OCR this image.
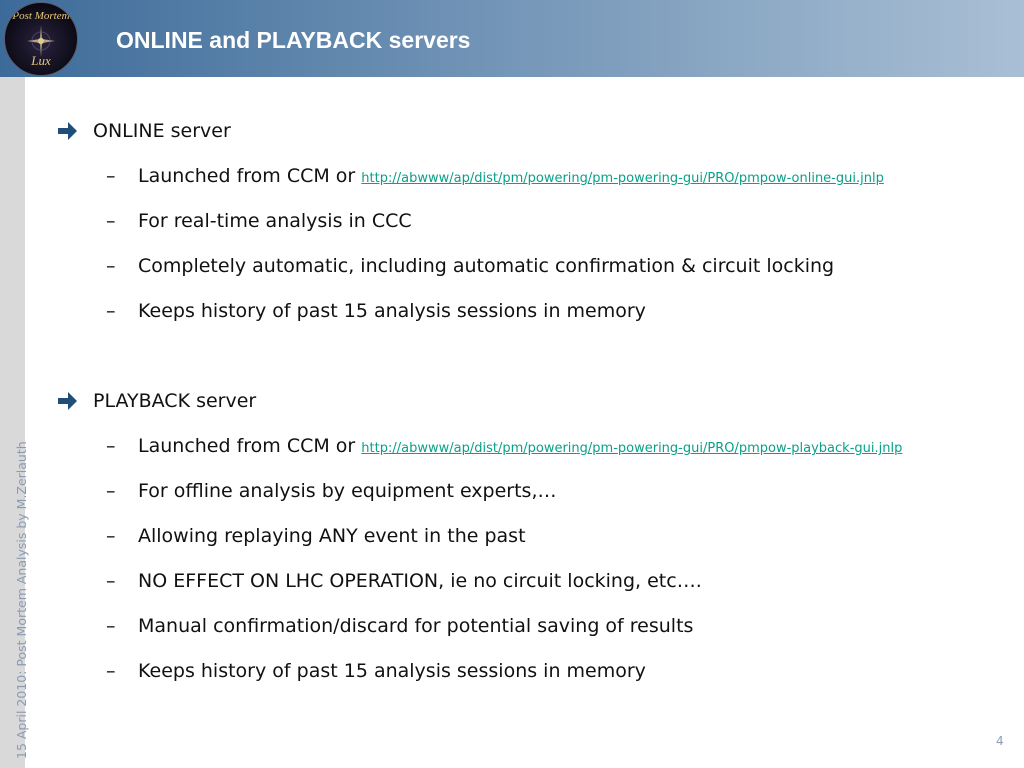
Post Mortem
Lux
ONLINE and PLAYBACK servers
15 April 2010: Post Mortem Analysis by M.Zerlauth
ONLINE server
– Launched from CCM or http://abwww/ap/dist/pm/powering/pm-powering-gui/PRO/pmpow-online-gui.jnlp
– For real-time analysis in CCC
– Completely automatic, including automatic confirmation & circuit locking
– Keeps history of past 15 analysis sessions in memory
PLAYBACK server
– Launched from CCM or http://abwww/ap/dist/pm/powering/pm-powering-gui/PRO/pmpow-playback-gui.jnlp
– For offline analysis by equipment experts,…
– Allowing replaying ANY event in the past
– NO EFFECT ON LHC OPERATION, ie no circuit locking, etc….
– Manual confirmation/discard for potential saving of results
– Keeps history of past 15 analysis sessions in memory
4
